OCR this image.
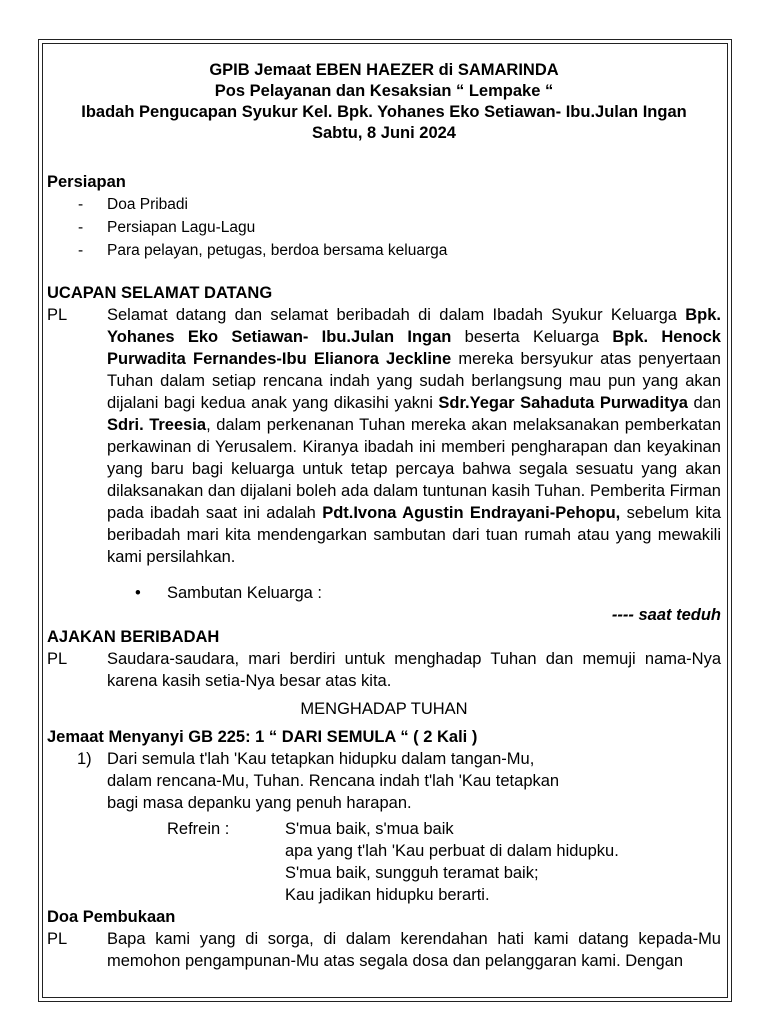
GPIB Jemaat EBEN HAEZER di SAMARINDA
Pos Pelayanan dan Kesaksian “ Lempake “
Ibadah Pengucapan Syukur Kel. Bpk. Yohanes Eko Setiawan- Ibu.Julan Ingan
Sabtu, 8 Juni 2024
Persiapan
- Doa Pribadi
- Persiapan Lagu-Lagu
- Para pelayan, petugas, berdoa bersama keluarga
UCAPAN SELAMAT DATANG
PL Selamat datang dan selamat beribadah di dalam Ibadah Syukur Keluarga Bpk. Yohanes Eko Setiawan- Ibu.Julan Ingan beserta Keluarga Bpk. Henock Purwadita Fernandes-Ibu Elianora Jeckline mereka bersyukur atas penyertaan Tuhan dalam setiap rencana indah yang sudah berlangsung mau pun yang akan dijalani bagi kedua anak yang dikasihi yakni Sdr.Yegar Sahaduta Purwaditya dan Sdri. Treesia, dalam perkenanan Tuhan mereka akan melaksanakan pemberkatan perkawinan di Yerusalem. Kiranya ibadah ini memberi pengharapan dan keyakinan yang baru bagi keluarga untuk tetap percaya bahwa segala sesuatu yang akan dilaksanakan dan dijalani boleh ada dalam tuntunan kasih Tuhan. Pemberita Firman pada ibadah saat ini adalah Pdt.Ivona Agustin Endrayani-Pehopu, sebelum kita beribadah mari kita mendengarkan sambutan dari tuan rumah atau yang mewakili kami persilahkan.
• Sambutan Keluarga :
---- saat teduh
AJAKAN BERIBADAH
PL Saudara-saudara, mari berdiri untuk menghadap Tuhan dan memuji nama-Nya karena kasih setia-Nya besar atas kita.
MENGHADAP TUHAN
Jemaat Menyanyi GB 225: 1 “ DARI SEMULA “ ( 2 Kali )
1) Dari semula t'lah 'Kau tetapkan hidupku dalam tangan-Mu,
dalam rencana-Mu, Tuhan. Rencana indah t'lah 'Kau tetapkan
bagi masa depanku yang penuh harapan.
Refrein :	S'mua baik, s'mua baik
apa yang t'lah 'Kau perbuat di dalam hidupku.
S'mua baik, sungguh teramat baik;
Kau jadikan hidupku berarti.
Doa Pembukaan
PL Bapa kami yang di sorga, di dalam kerendahan hati kami datang kepada-Mu memohon pengampunan-Mu atas segala dosa dan pelanggaran kami. Dengan
